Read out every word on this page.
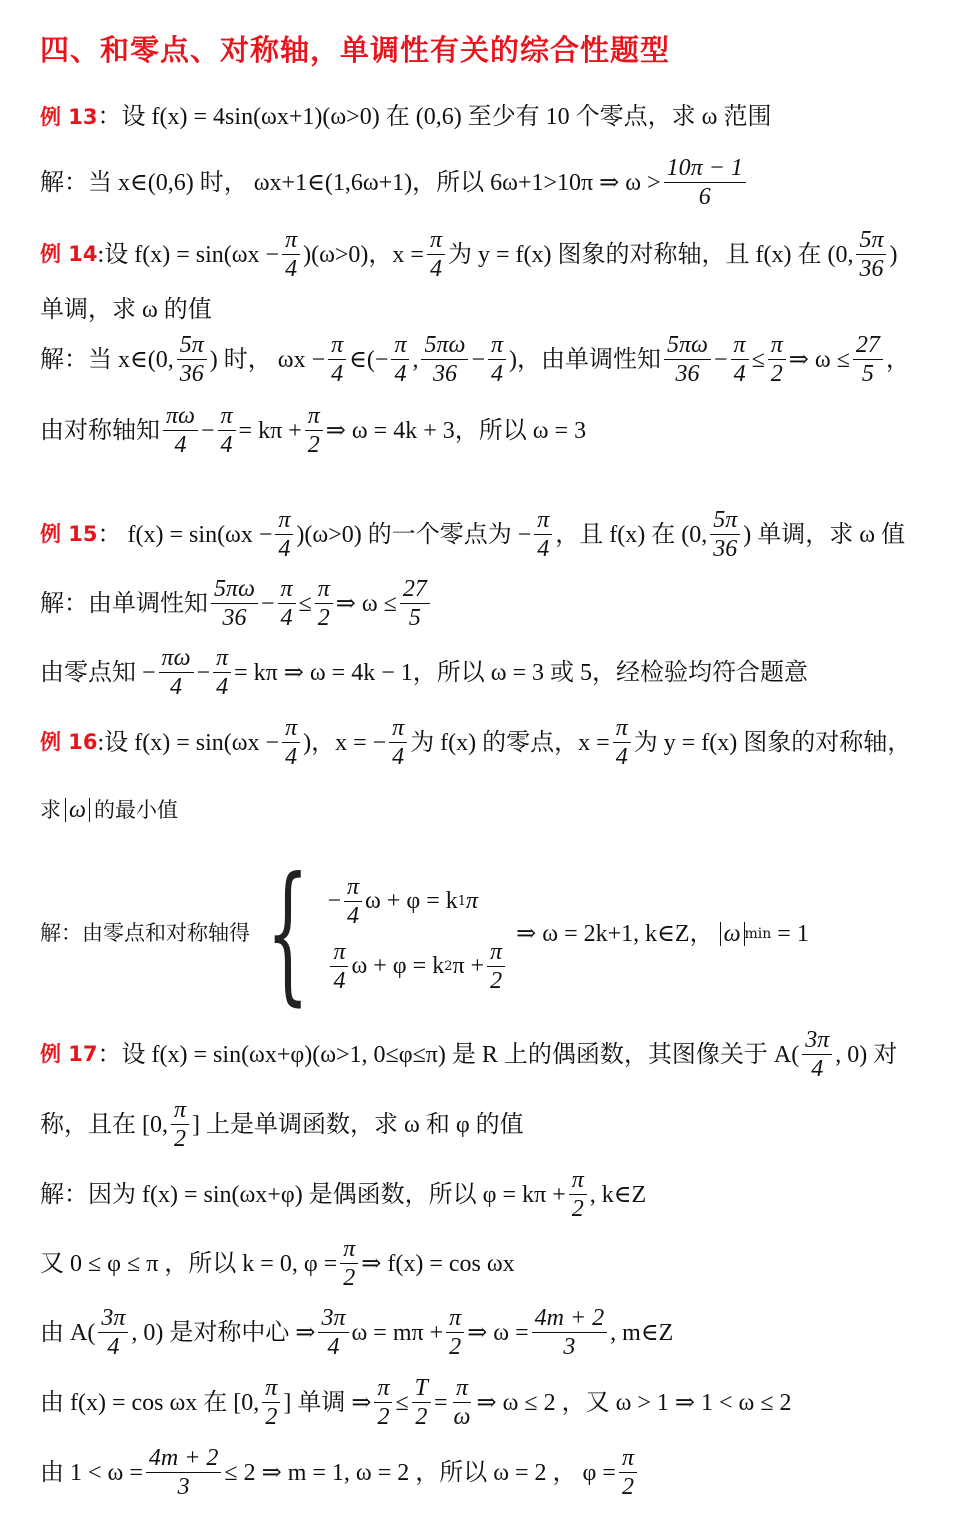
四、和零点、对称轴，单调性有关的综合性题型
例 13 ：设 f(x) = 4sin(ωx+1)(ω>0) 在 (0,6) 至少有 10 个零点，求 ω 范围
解：当 x∈(0,6) 时， ωx+1∈(1,6ω+1)，所以 6ω+1>10π ⇒ $\omega > \frac{10\pi - 1}{6}$
例 14 :设 $f(x) = \sin(\omega x - \frac{\pi}{4} )(\omega>0)$，$x = \frac{\pi}{4}$ 为 y = f(x) 图象的对称轴，且 f(x) 在 (0, $\frac{5\pi}{36}$ )
单调，求 ω 的值
解：当 x∈(0, $\frac{5\pi}{36}$ ) 时， $\omega x - \frac{\pi}{4}$ ∈(− $\frac{\pi}{4}$ , $\frac{5\pi\omega}{36} - \frac{\pi}{4}$ )，由单调性知 $\frac{5\pi\omega}{36} - \frac{\pi}{4} \le \frac{\pi}{2}$ ⇒ $\omega \le \frac{27}{5}$ ，
由对称轴知 $\frac{\pi\omega}{4} - \frac{\pi}{4} = k\pi + \frac{\pi}{2}$ ⇒ ω = 4k + 3，所以 ω = 3
例 15 ： $f(x) = \sin(\omega x - \frac{\pi}{4} )(\omega>0)$ 的一个零点为 − $\frac{\pi}{4}$ ，且 f(x) 在 (0, $\frac{5\pi}{36}$ ) 单调，求 ω 值
解：由单调性知 $\frac{5\pi\omega}{36} - \frac{\pi}{4} \le \frac{\pi}{2}$ ⇒ $\omega \le \frac{27}{5}$
由零点知 − $\frac{\pi\omega}{4} - \frac{\pi}{4} = k\pi$ ⇒ ω = 4k − 1，所以 ω = 3 或 5，经检验均符合题意
例 16 :设 $f(x) = \sin(\omega x - \frac{\pi}{4}$ )，x = − $\frac{\pi}{4}$ 为 f(x) 的零点，$x = \frac{\pi}{4}$ 为 y = f(x) 图象的对称轴，
求 ω 的最小值
解：由零点和对称轴得 { − $\frac{\pi}{4}$ ω + φ = k 1 π
$\frac{\pi}{4}$ ω + φ = k 2 $\pi + \frac{\pi}{2}$
⇒ ω = 2k+1, k∈Z， ω min = 1
例 17 ：设 f(x) = sin(ωx+φ)(ω>1, 0≤φ≤π) 是 R 上的偶函数，其图像关于 $A( \frac{3\pi}{4}$ , 0) 对
称，且在 [0, $\frac{\pi}{2}$ ] 上是单调函数，求 ω 和 φ 的值
解：因为 f(x) = sin(ωx+φ) 是偶函数，所以 $\varphi = k\pi + \frac{\pi}{2}$ , k∈Z
又 0 ≤ φ ≤ π ，所以 k = 0, $\varphi = \frac{\pi}{2}$ ⇒ f(x) = cos ωx
由 $A( \frac{3\pi}{4}$ , 0) 是对称中心 ⇒ $\frac{3\pi}{4}$ $\omega = m\pi + \frac{\pi}{2}$ ⇒ $\omega = \frac{4m + 2}{3}$ , m∈Z
由 f(x) = cos ωx 在 [0, $\frac{\pi}{2}$ ] 单调 ⇒ $\frac{\pi}{2} \le \frac{T}{2} = \frac{\pi}{\omega}$ ⇒ ω ≤ 2 ，又 ω > 1 ⇒ 1 < ω ≤ 2
由 $1 < \omega = \frac{4m + 2}{3} \le 2$ ⇒ m = 1, ω = 2 ，所以 ω = 2 ， $\varphi = \frac{\pi}{2}$
